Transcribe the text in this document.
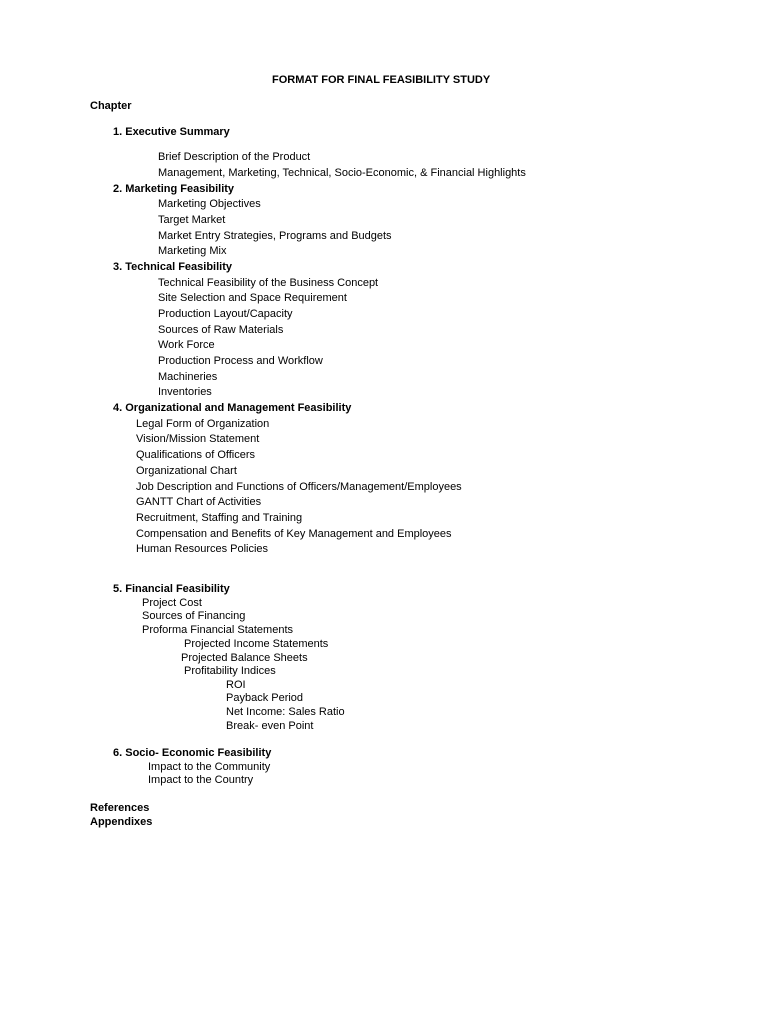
FORMAT FOR FINAL FEASIBILITY STUDY
Chapter
1. Executive Summary
Brief Description of the Product
Management, Marketing, Technical, Socio-Economic, & Financial Highlights
2. Marketing Feasibility
Marketing Objectives
Target Market
Market Entry Strategies, Programs and Budgets
Marketing Mix
3. Technical Feasibility
Technical Feasibility of the Business Concept
Site Selection and Space Requirement
Production Layout/Capacity
Sources of Raw Materials
Work Force
Production Process and Workflow
Machineries
Inventories
4. Organizational and Management Feasibility
Legal Form of Organization
Vision/Mission Statement
Qualifications of Officers
Organizational Chart
Job Description and Functions of Officers/Management/Employees
GANTT Chart of Activities
Recruitment, Staffing and Training
Compensation and Benefits of Key Management and Employees
Human Resources Policies
5. Financial Feasibility
Project Cost
Sources of Financing
Proforma Financial Statements
Projected Income Statements
Projected Balance Sheets
Profitability Indices
ROI
Payback Period
Net Income: Sales Ratio
Break- even Point
6. Socio- Economic Feasibility
Impact to the Community
Impact to the Country
References
Appendixes
